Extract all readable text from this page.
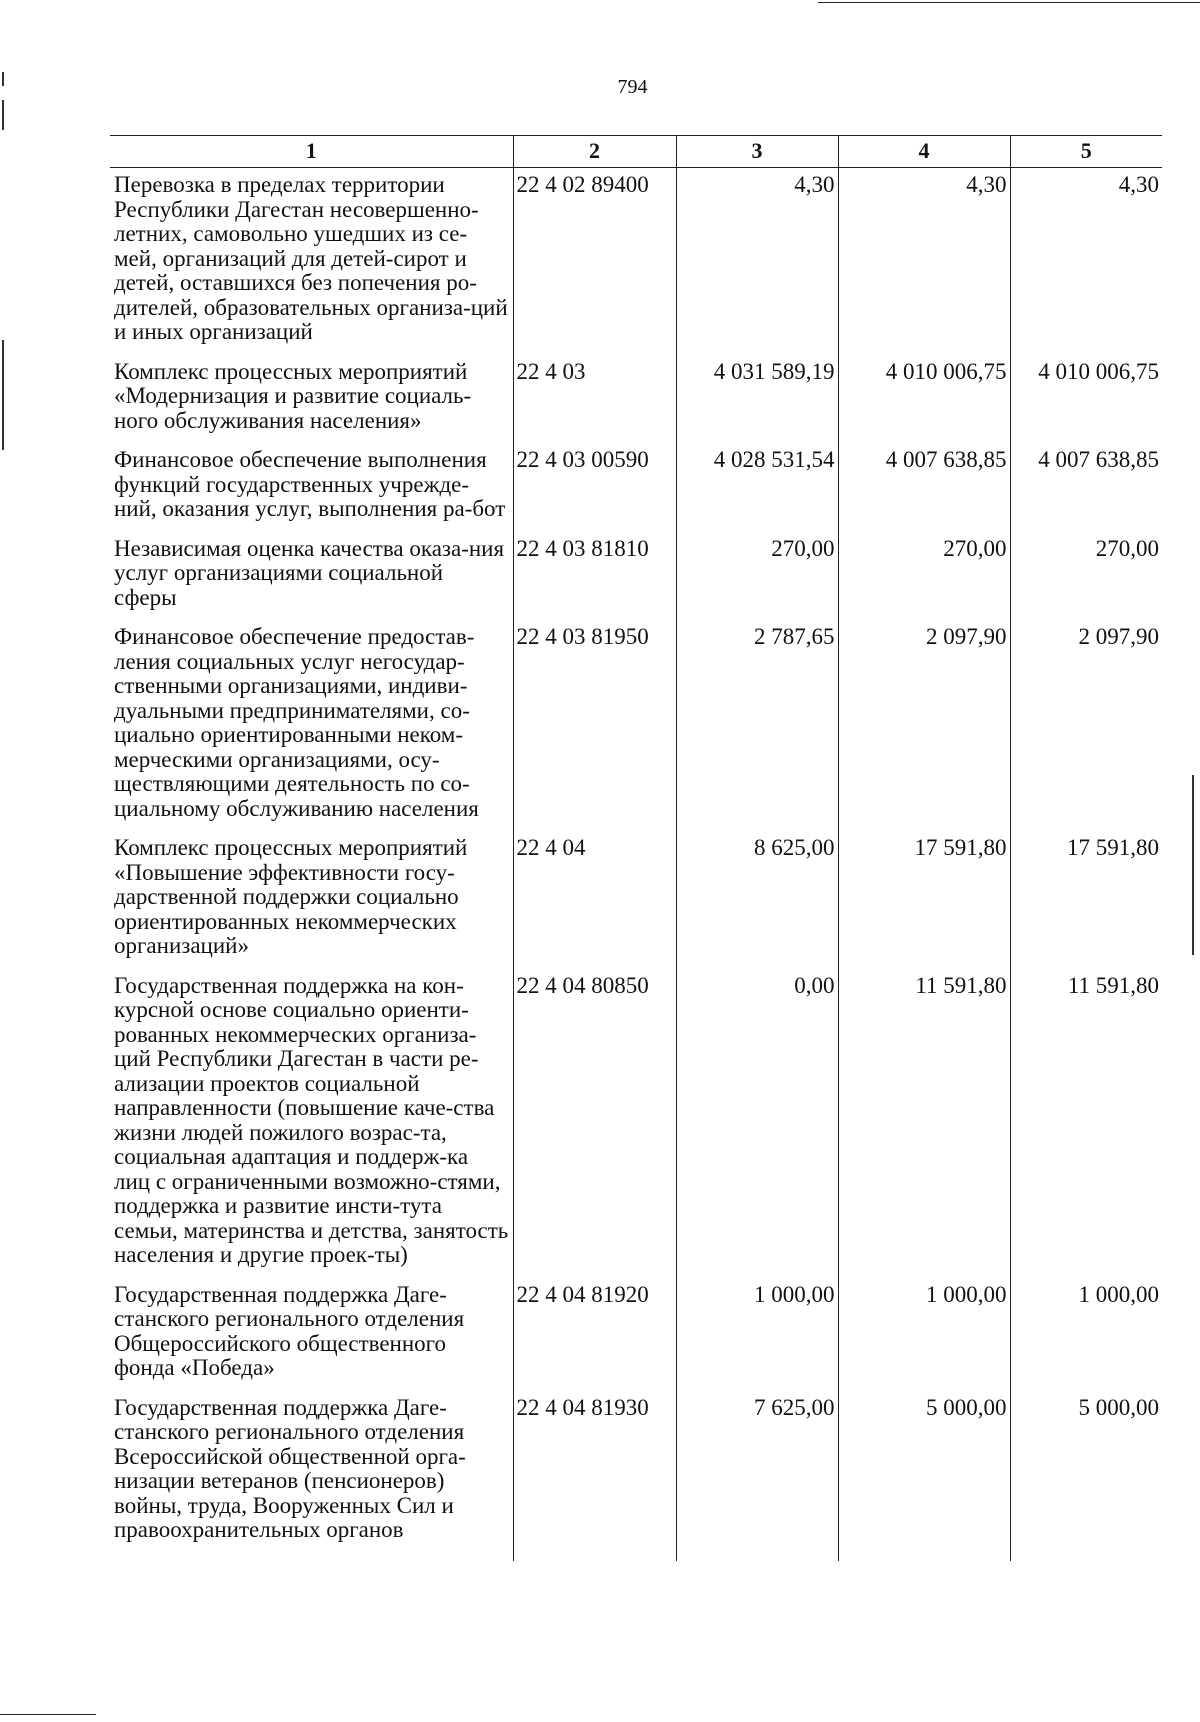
794
1	2	3	4	5
Перевозка в пределах территории Республики Дагестан несовершенно-летних, самовольно ушедших из се-мей, организаций для детей-сирот и детей, оставшихся без попечения ро-дителей, образовательных организа-ций и иных организаций	22 4 02 89400	4,30	4,30	4,30
Комплекс процессных мероприятий «Модернизация и развитие социаль-ного обслуживания населения»	22 4 03	4 031 589,19	4 010 006,75	4 010 006,75
Финансовое обеспечение выполнения функций государственных учрежде-ний, оказания услуг, выполнения ра-бот	22 4 03 00590	4 028 531,54	4 007 638,85	4 007 638,85
Независимая оценка качества оказа-ния услуг организациями социальной сферы	22 4 03 81810	270,00	270,00	270,00
Финансовое обеспечение предостав-ления социальных услуг негосудар-ственными организациями, индиви-дуальными предпринимателями, со-циально ориентированными неком-мерческими организациями, осу-ществляющими деятельность по со-циальному обслуживанию населения	22 4 03 81950	2 787,65	2 097,90	2 097,90
Комплекс процессных мероприятий «Повышение эффективности госу-дарственной поддержки социально ориентированных некоммерческих организаций»	22 4 04	8 625,00	17 591,80	17 591,80
Государственная поддержка на кон-курсной основе социально ориенти-рованных некоммерческих организа-ций Республики Дагестан в части ре-ализации проектов социальной направленности (повышение каче-ства жизни людей пожилого возрас-та, социальная адаптация и поддерж-ка лиц с ограниченными возможно-стями, поддержка и развитие инсти-тута семьи, материнства и детства, занятость населения и другие проек-ты)	22 4 04 80850	0,00	11 591,80	11 591,80
Государственная поддержка Даге-станского регионального отделения Общероссийского общественного фонда «Победа»	22 4 04 81920	1 000,00	1 000,00	1 000,00
Государственная поддержка Даге-станского регионального отделения Всероссийской общественной орга-низации ветеранов (пенсионеров) войны, труда, Вооруженных Сил и правоохранительных органов	22 4 04 81930	7 625,00	5 000,00	5 000,00
